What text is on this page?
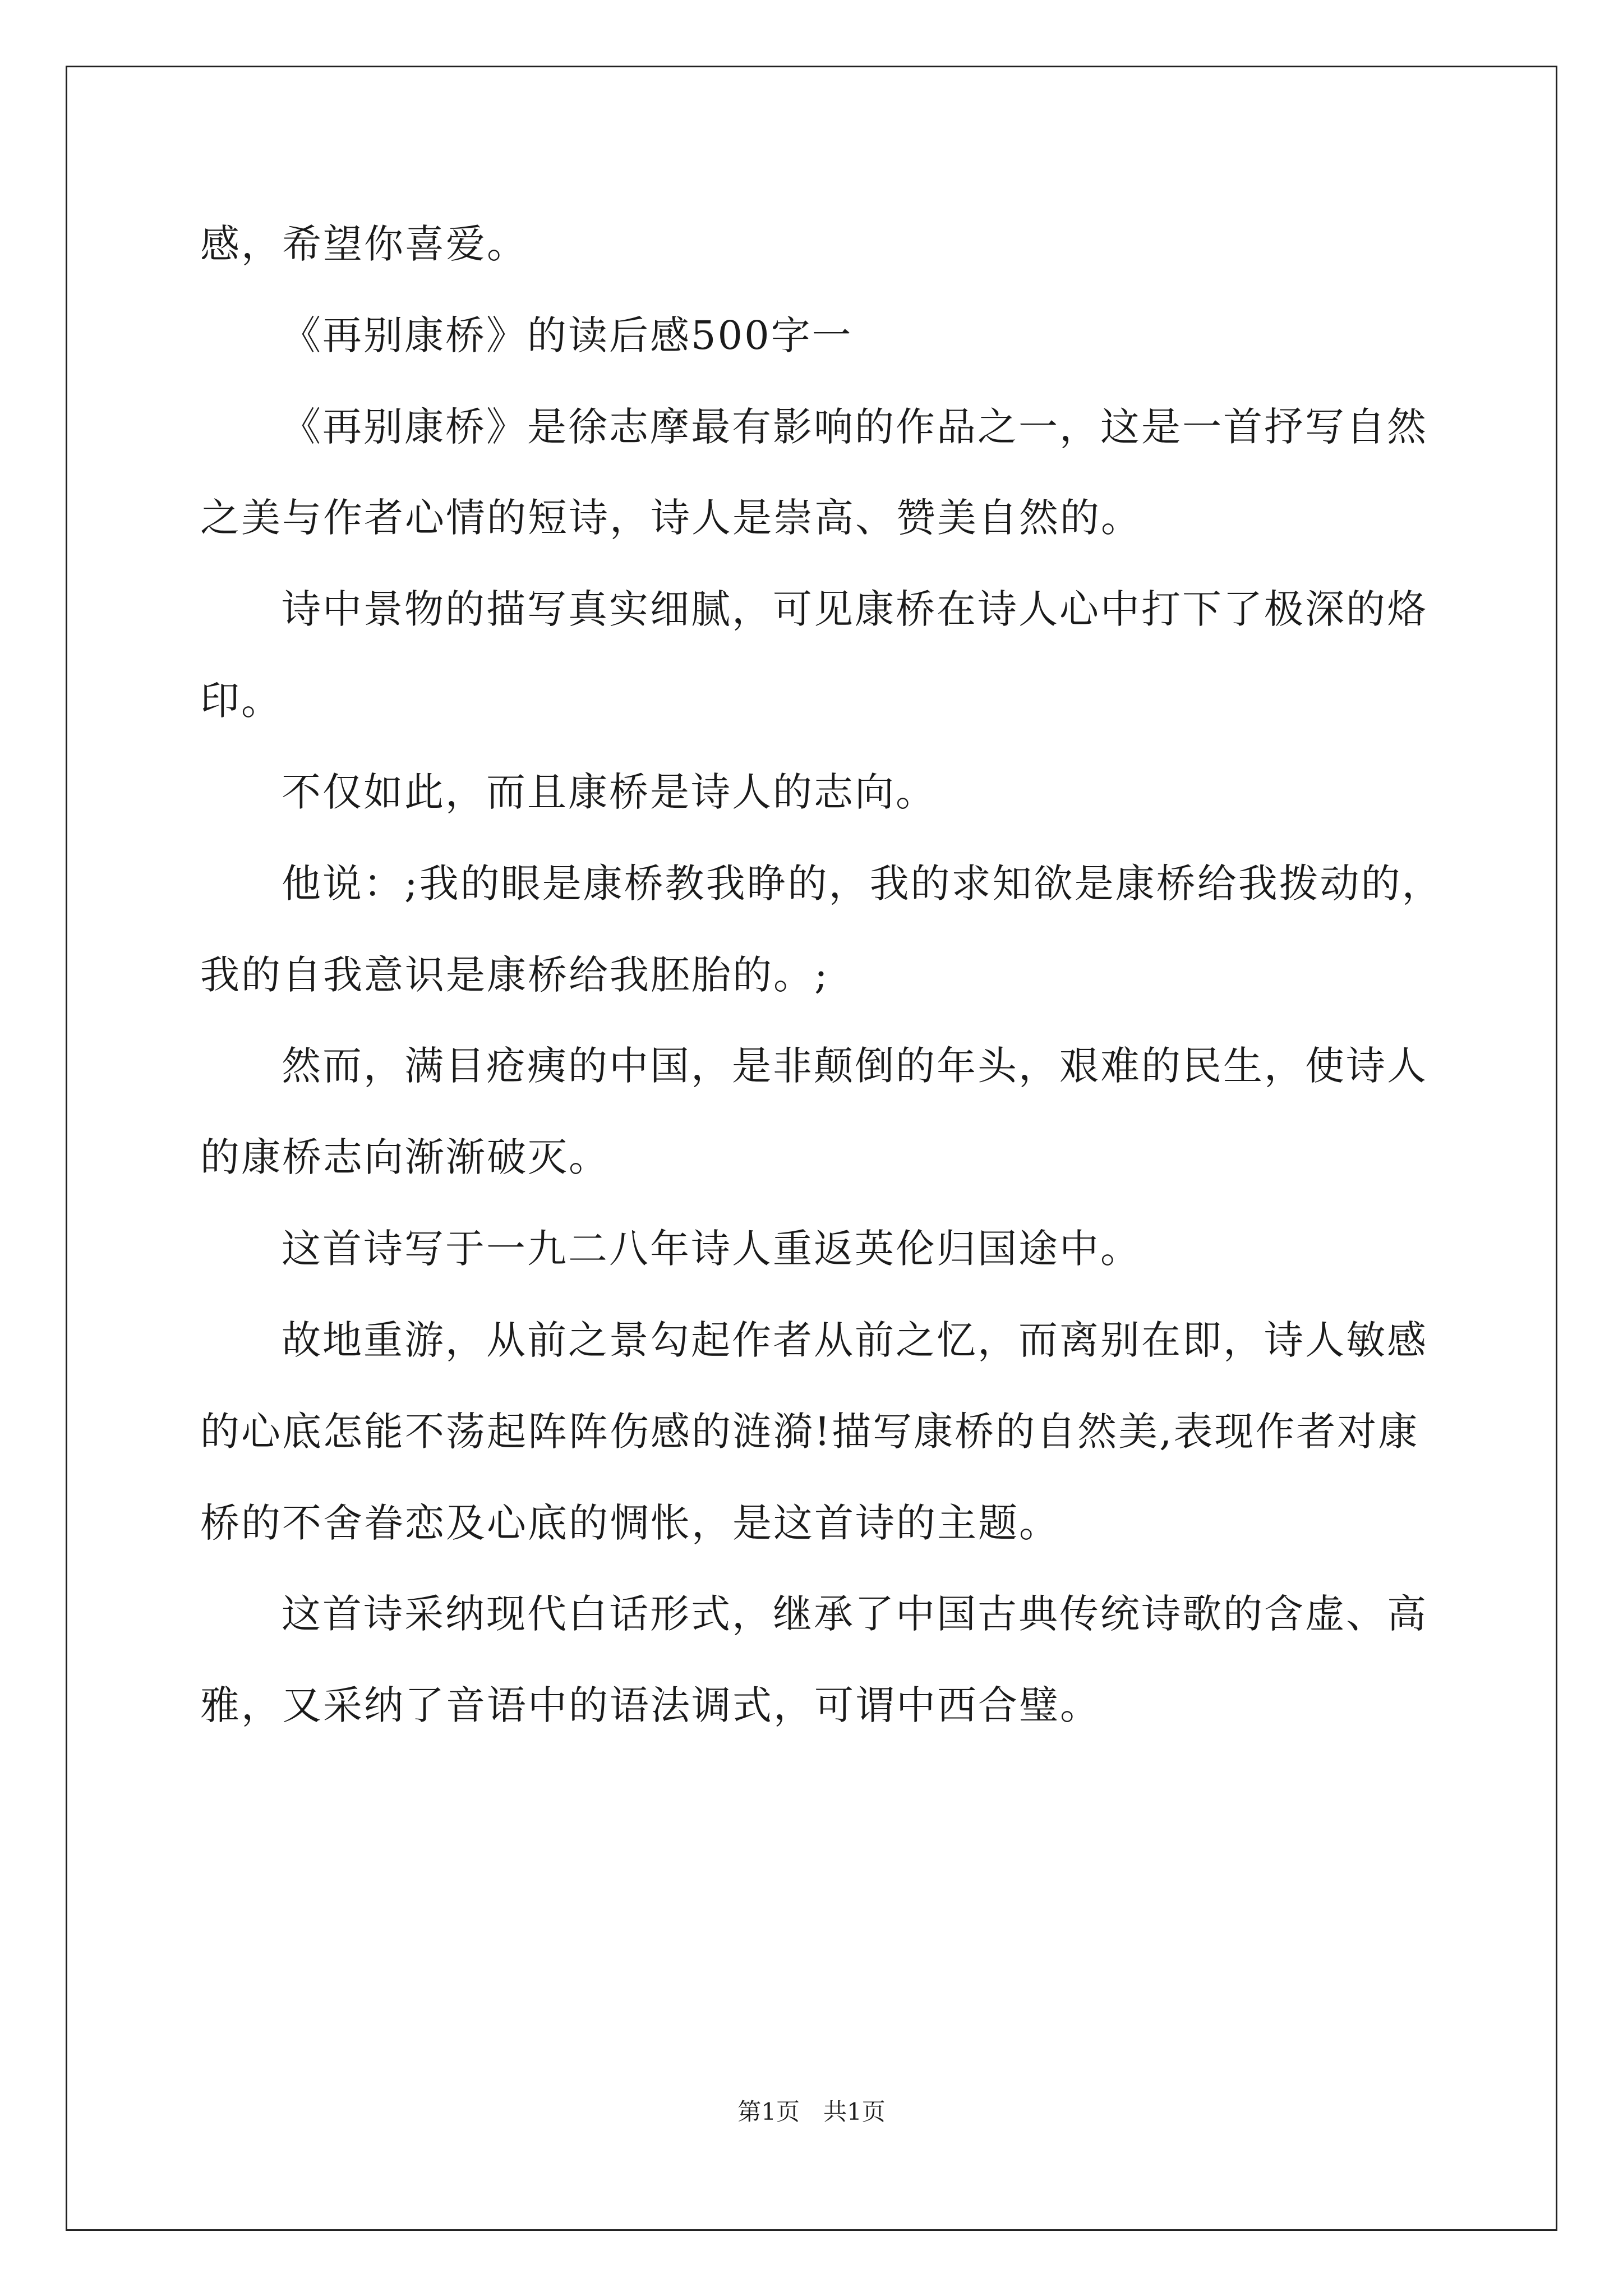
感，希望你喜爱。
《再别康桥》的读后感500字一
《再别康桥》是徐志摩最有影响的作品之一，这是一首抒写自然
之美与作者心情的短诗，诗人是崇高、赞美自然的。
诗中景物的描写真实细腻，可见康桥在诗人心中打下了极深的烙
印。
不仅如此，而且康桥是诗人的志向。
他说：;我的眼是康桥教我睁的，我的求知欲是康桥给我拨动的，
我的自我意识是康桥给我胚胎的。;
然而，满目疮痍的中国，是非颠倒的年头，艰难的民生，使诗人
的康桥志向渐渐破灭。
这首诗写于一九二八年诗人重返英伦归国途中。
故地重游，从前之景勾起作者从前之忆，而离别在即，诗人敏感
的心底怎能不荡起阵阵伤感的涟漪!描写康桥的自然美,表现作者对康
桥的不舍眷恋及心底的惆怅，是这首诗的主题。
这首诗采纳现代白话形式，继承了中国古典传统诗歌的含虚、高
雅，又采纳了音语中的语法调式，可谓中西合璧。
第1页　共1页
